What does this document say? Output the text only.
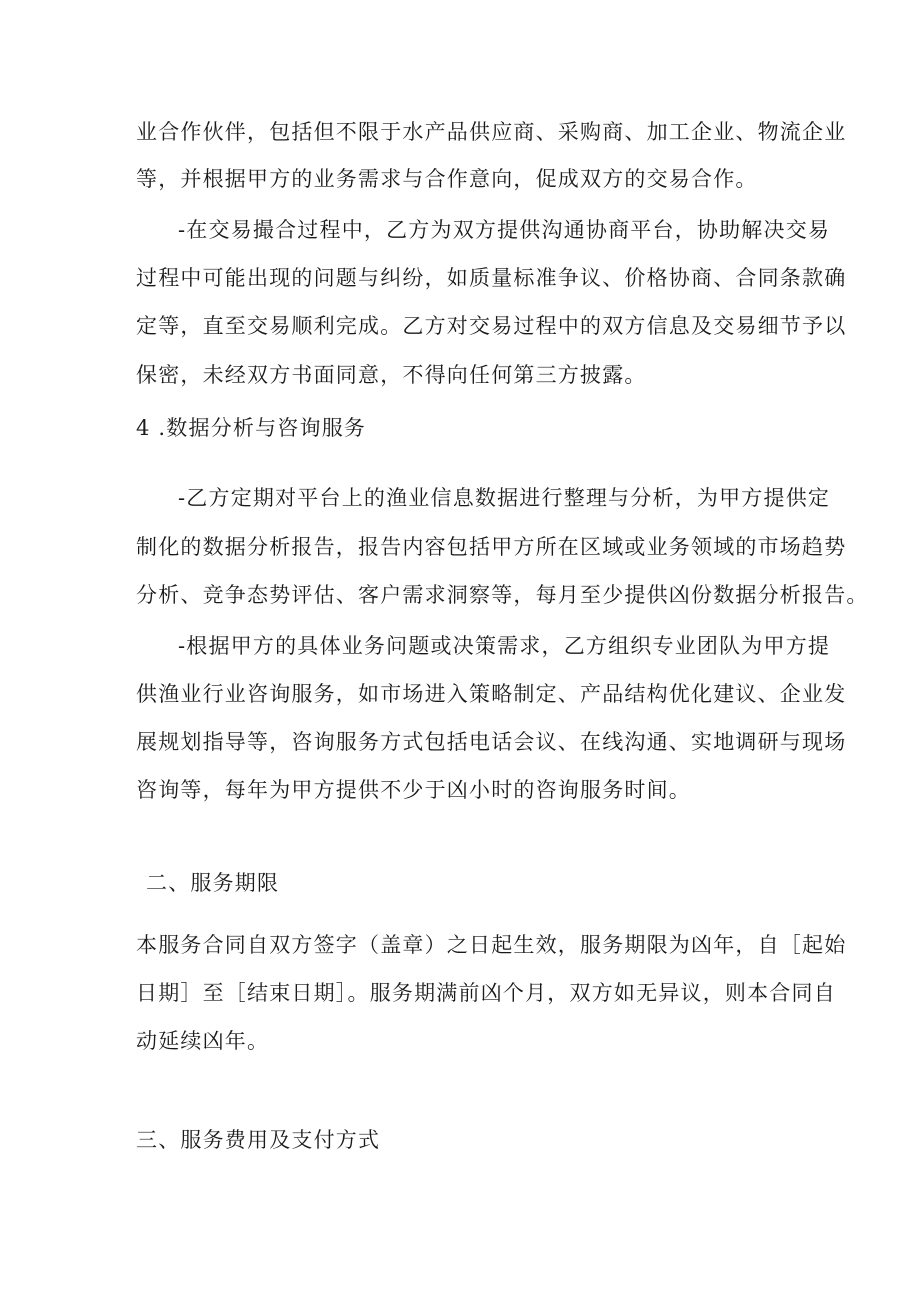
业合作伙伴，包括但不限于水产品供应商、采购商、加工企业、物流企业
等，并根据甲方的业务需求与合作意向，促成双方的交易合作。
-在交易撮合过程中，乙方为双方提供沟通协商平台，协助解决交易
过程中可能出现的问题与纠纷，如质量标准争议、价格协商、合同条款确
定等，直至交易顺利完成。乙方对交易过程中的双方信息及交易细节予以
保密，未经双方书面同意，不得向任何第三方披露。
4 .数据分析与咨询服务
-乙方定期对平台上的渔业信息数据进行整理与分析，为甲方提供定
制化的数据分析报告，报告内容包括甲方所在区域或业务领域的市场趋势
分析、竞争态势评估、客户需求洞察等，每月至少提供凶份数据分析报告。
-根据甲方的具体业务问题或决策需求，乙方组织专业团队为甲方提
供渔业行业咨询服务，如市场进入策略制定、产品结构优化建议、企业发
展规划指导等，咨询服务方式包括电话会议、在线沟通、实地调研与现场
咨询等，每年为甲方提供不少于凶小时的咨询服务时间。
二、服务期限
本服务合同自双方签字（盖章）之日起生效，服务期限为凶年，自［起始
日期］至［结束日期］。服务期满前凶个月，双方如无异议，则本合同自
动延续凶年。
三、服务费用及支付方式
